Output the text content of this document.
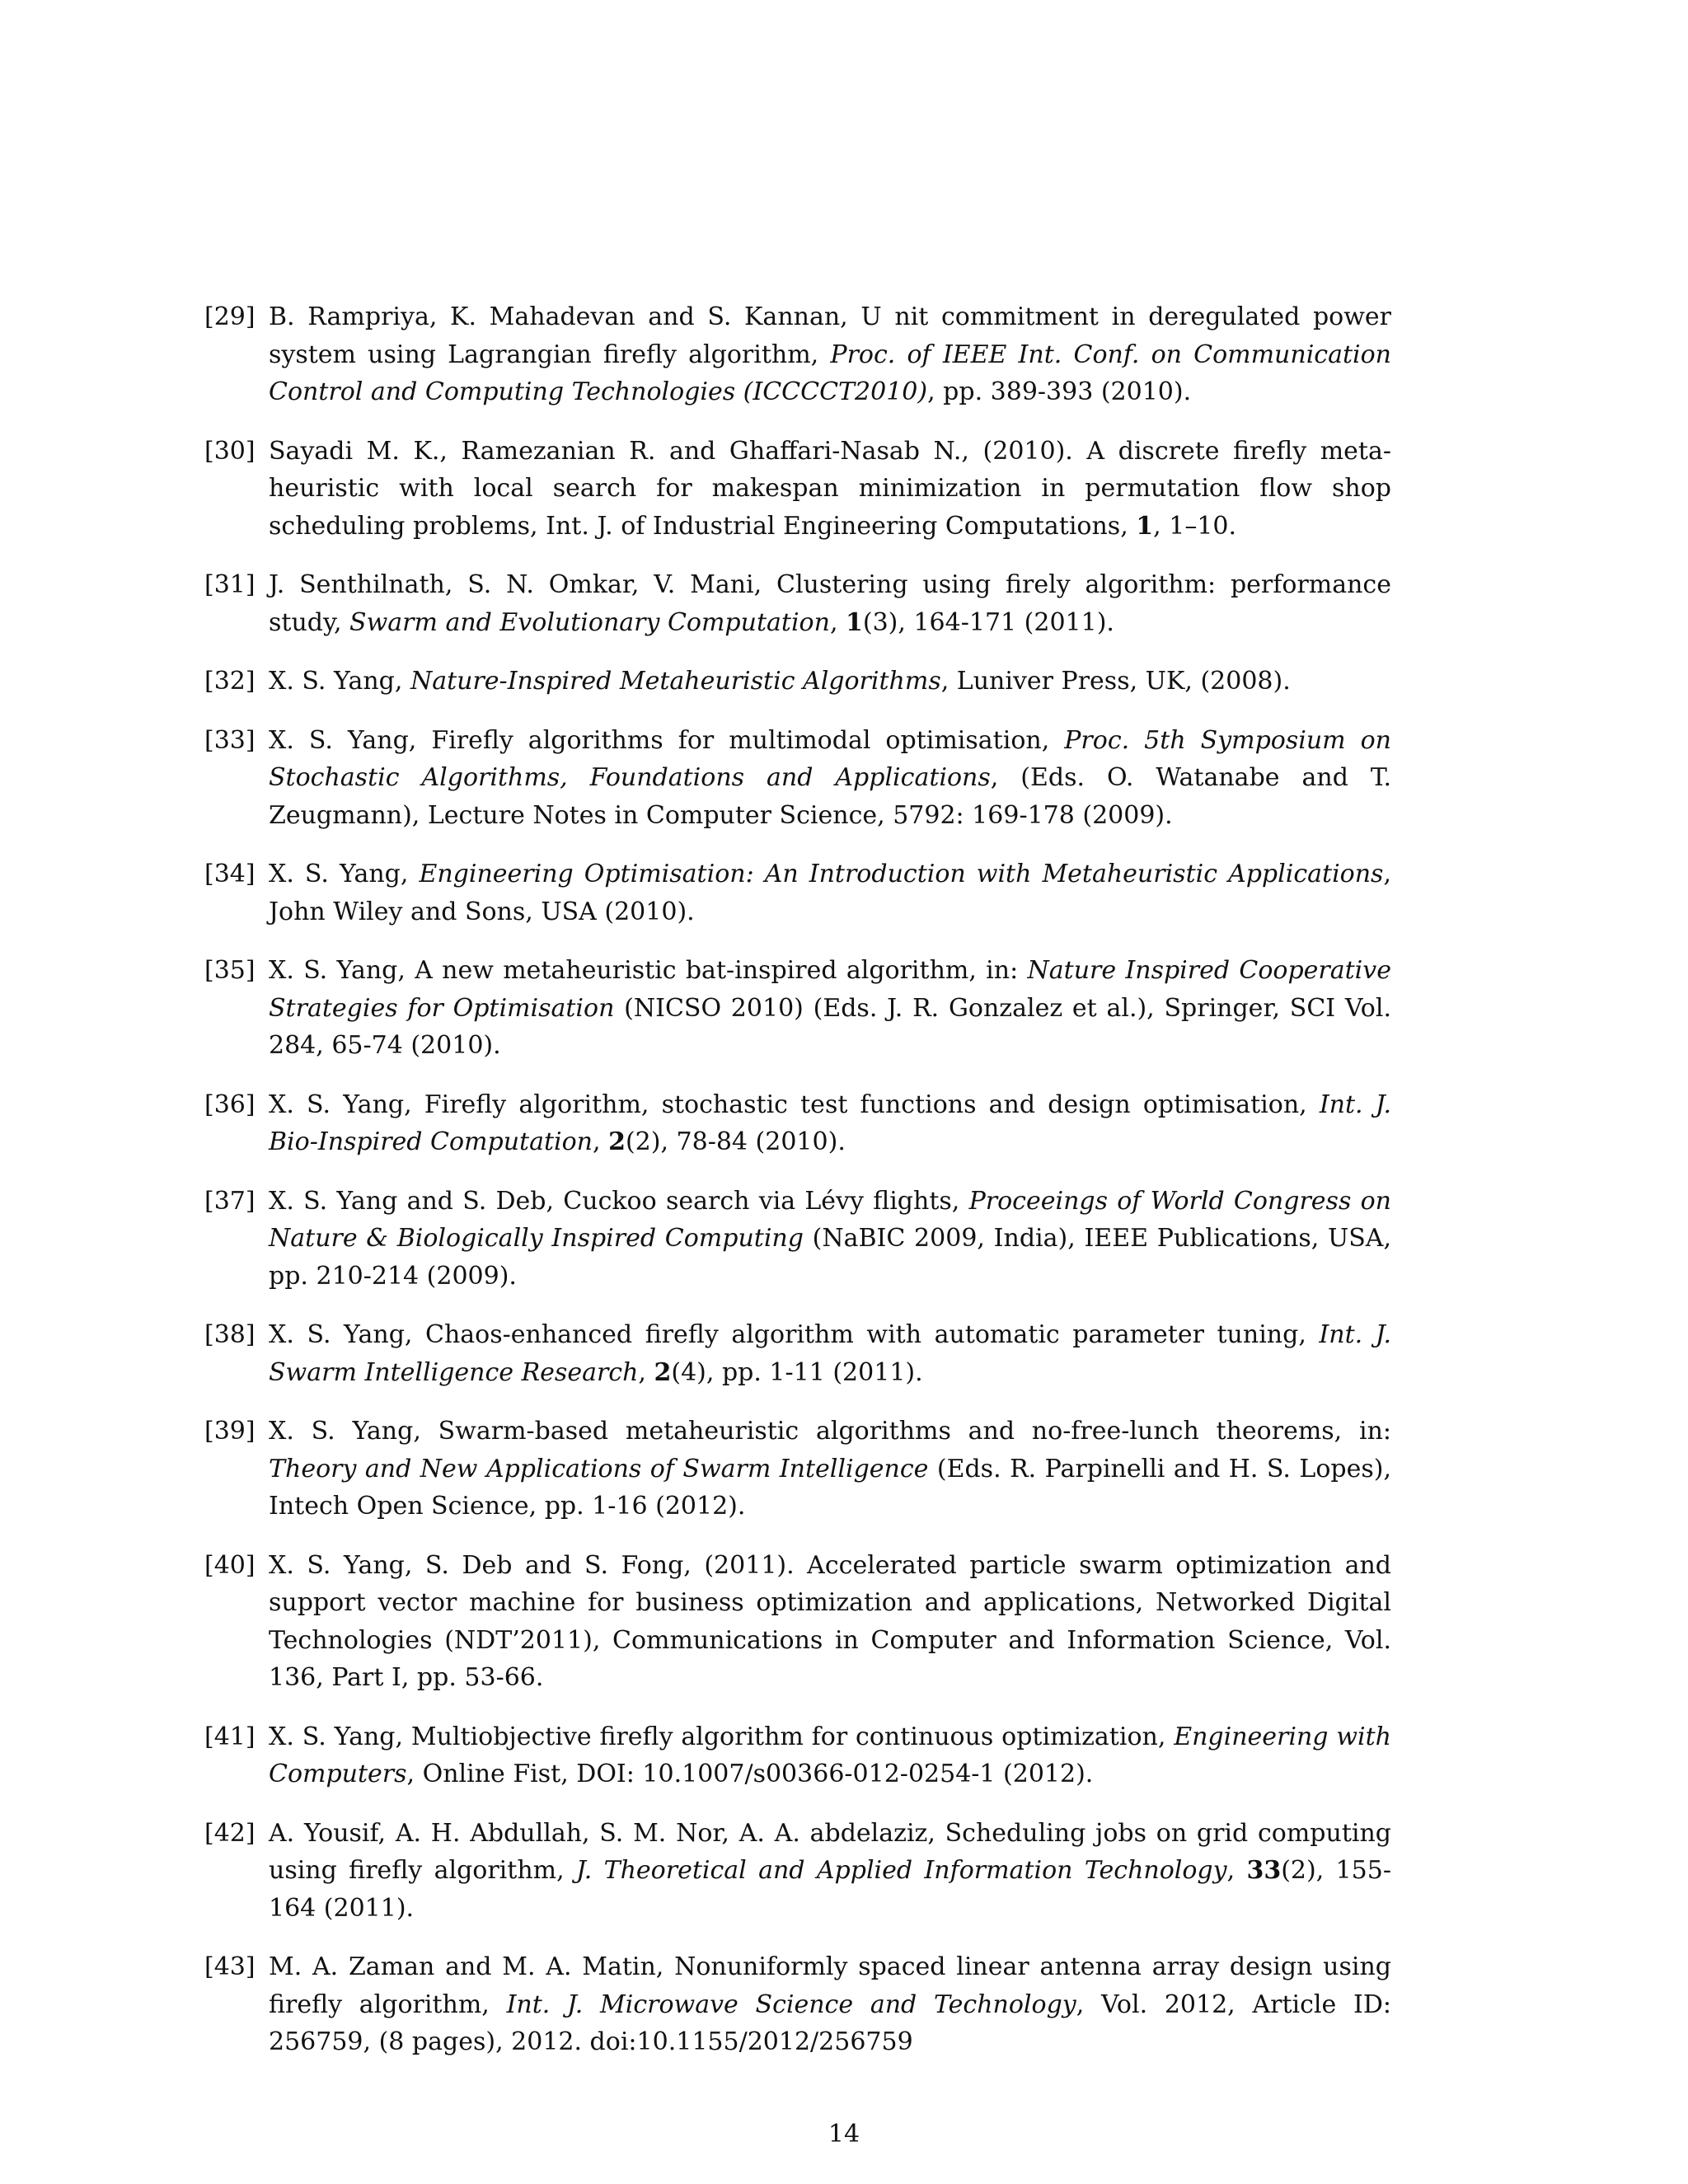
[29] B. Rampriya, K. Mahadevan and S. Kannan, U nit commitment in deregulated power system using Lagrangian firefly algorithm, Proc. of IEEE Int. Conf. on Communication Control and Computing Technologies (ICCCCT2010), pp. 389-393 (2010).
[30] Sayadi M. K., Ramezanian R. and Ghaffari-Nasab N., (2010). A discrete firefly meta-heuristic with local search for makespan minimization in permutation flow shop scheduling problems, Int. J. of Industrial Engineering Computations, 1, 1–10.
[31] J. Senthilnath, S. N. Omkar, V. Mani, Clustering using firely algorithm: performance study, Swarm and Evolutionary Computation, 1(3), 164-171 (2011).
[32] X. S. Yang, Nature-Inspired Metaheuristic Algorithms, Luniver Press, UK, (2008).
[33] X. S. Yang, Firefly algorithms for multimodal optimisation, Proc. 5th Symposium on Stochastic Algorithms, Foundations and Applications, (Eds. O. Watanabe and T. Zeugmann), Lecture Notes in Computer Science, 5792: 169-178 (2009).
[34] X. S. Yang, Engineering Optimisation: An Introduction with Metaheuristic Applications, John Wiley and Sons, USA (2010).
[35] X. S. Yang, A new metaheuristic bat-inspired algorithm, in: Nature Inspired Cooperative Strategies for Optimisation (NICSO 2010) (Eds. J. R. Gonzalez et al.), Springer, SCI Vol. 284, 65-74 (2010).
[36] X. S. Yang, Firefly algorithm, stochastic test functions and design optimisation, Int. J. Bio-Inspired Computation, 2(2), 78-84 (2010).
[37] X. S. Yang and S. Deb, Cuckoo search via Lévy flights, Proceeings of World Congress on Nature & Biologically Inspired Computing (NaBIC 2009, India), IEEE Publications, USA, pp. 210-214 (2009).
[38] X. S. Yang, Chaos-enhanced firefly algorithm with automatic parameter tuning, Int. J. Swarm Intelligence Research, 2(4), pp. 1-11 (2011).
[39] X. S. Yang, Swarm-based metaheuristic algorithms and no-free-lunch theorems, in: Theory and New Applications of Swarm Intelligence (Eds. R. Parpinelli and H. S. Lopes), Intech Open Science, pp. 1-16 (2012).
[40] X. S. Yang, S. Deb and S. Fong, (2011). Accelerated particle swarm optimization and support vector machine for business optimization and applications, Networked Digital Technologies (NDT’2011), Communications in Computer and Information Science, Vol. 136, Part I, pp. 53-66.
[41] X. S. Yang, Multiobjective firefly algorithm for continuous optimization, Engineering with Computers, Online Fist, DOI: 10.1007/s00366-012-0254-1 (2012).
[42] A. Yousif, A. H. Abdullah, S. M. Nor, A. A. abdelaziz, Scheduling jobs on grid computing using firefly algorithm, J. Theoretical and Applied Information Technology, 33(2), 155-164 (2011).
[43] M. A. Zaman and M. A. Matin, Nonuniformly spaced linear antenna array design using firefly algorithm, Int. J. Microwave Science and Technology, Vol. 2012, Article ID: 256759, (8 pages), 2012. doi:10.1155/2012/256759
14
